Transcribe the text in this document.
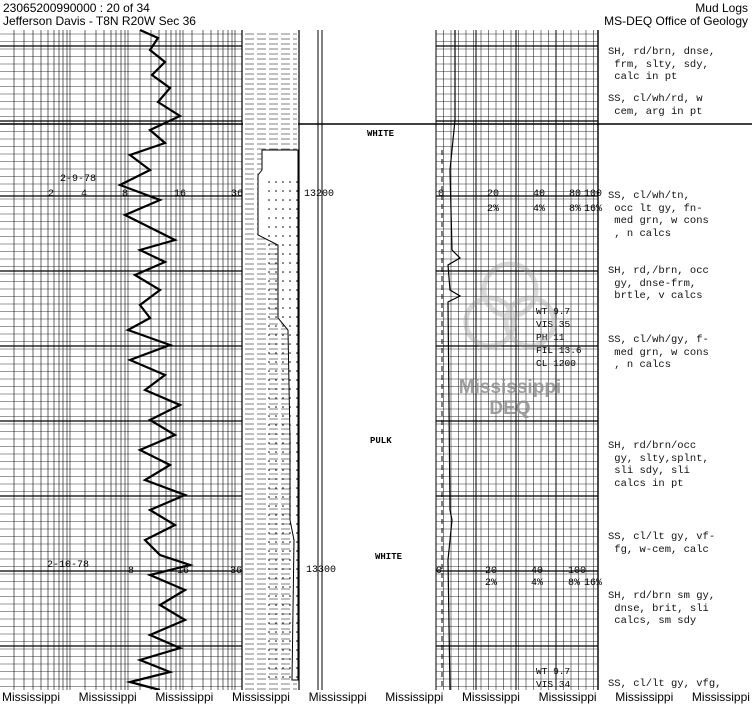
2-9-78
2-10-78
2	4	8	16	36
8	16	36
13200
13300
0	20	40 80 100
2%	4% 8% 16%
0	20	40 100
2%	4% 8% 16%
WHITE
PULK
WHITE
WT 9.7
VIS 35
PH 11
FIL 13.6
CL 1200
WT 9.7
VIS 34
23065200990000 : 20 of 34
Jefferson Davis - T8N R20W Sec 36
Mud Logs
MS-DEQ Office of Geology
SH, rd/brn, dnse,
frm, slty, sdy,
calc in pt
SS, cl/wh/rd, w
cem, arg in pt
SS, cl/wh/tn,
occ lt gy, fn-
med grn, w cons
, n calcs
SH, rd,/brn, occ
gy, dnse-frm,
brtle, v calcs
SS, cl/wh/gy, f-
med grn, w cons
, n calcs
SH, rd/brn/occ
gy, slty,splnt,
sli sdy, sli
calcs in pt
SS, cl/lt gy, vf-
fg, w-cem, calc
SH, rd/brn sm gy,
dnse, brit, sli
calcs, sm sdy
SS, cl/lt gy, vfg,
Mississippi
DEQ
Mississippi Mississippi Mississippi Mississippi Mississippi Mississippi Mississippi Mississippi Mississippi Mississippi
